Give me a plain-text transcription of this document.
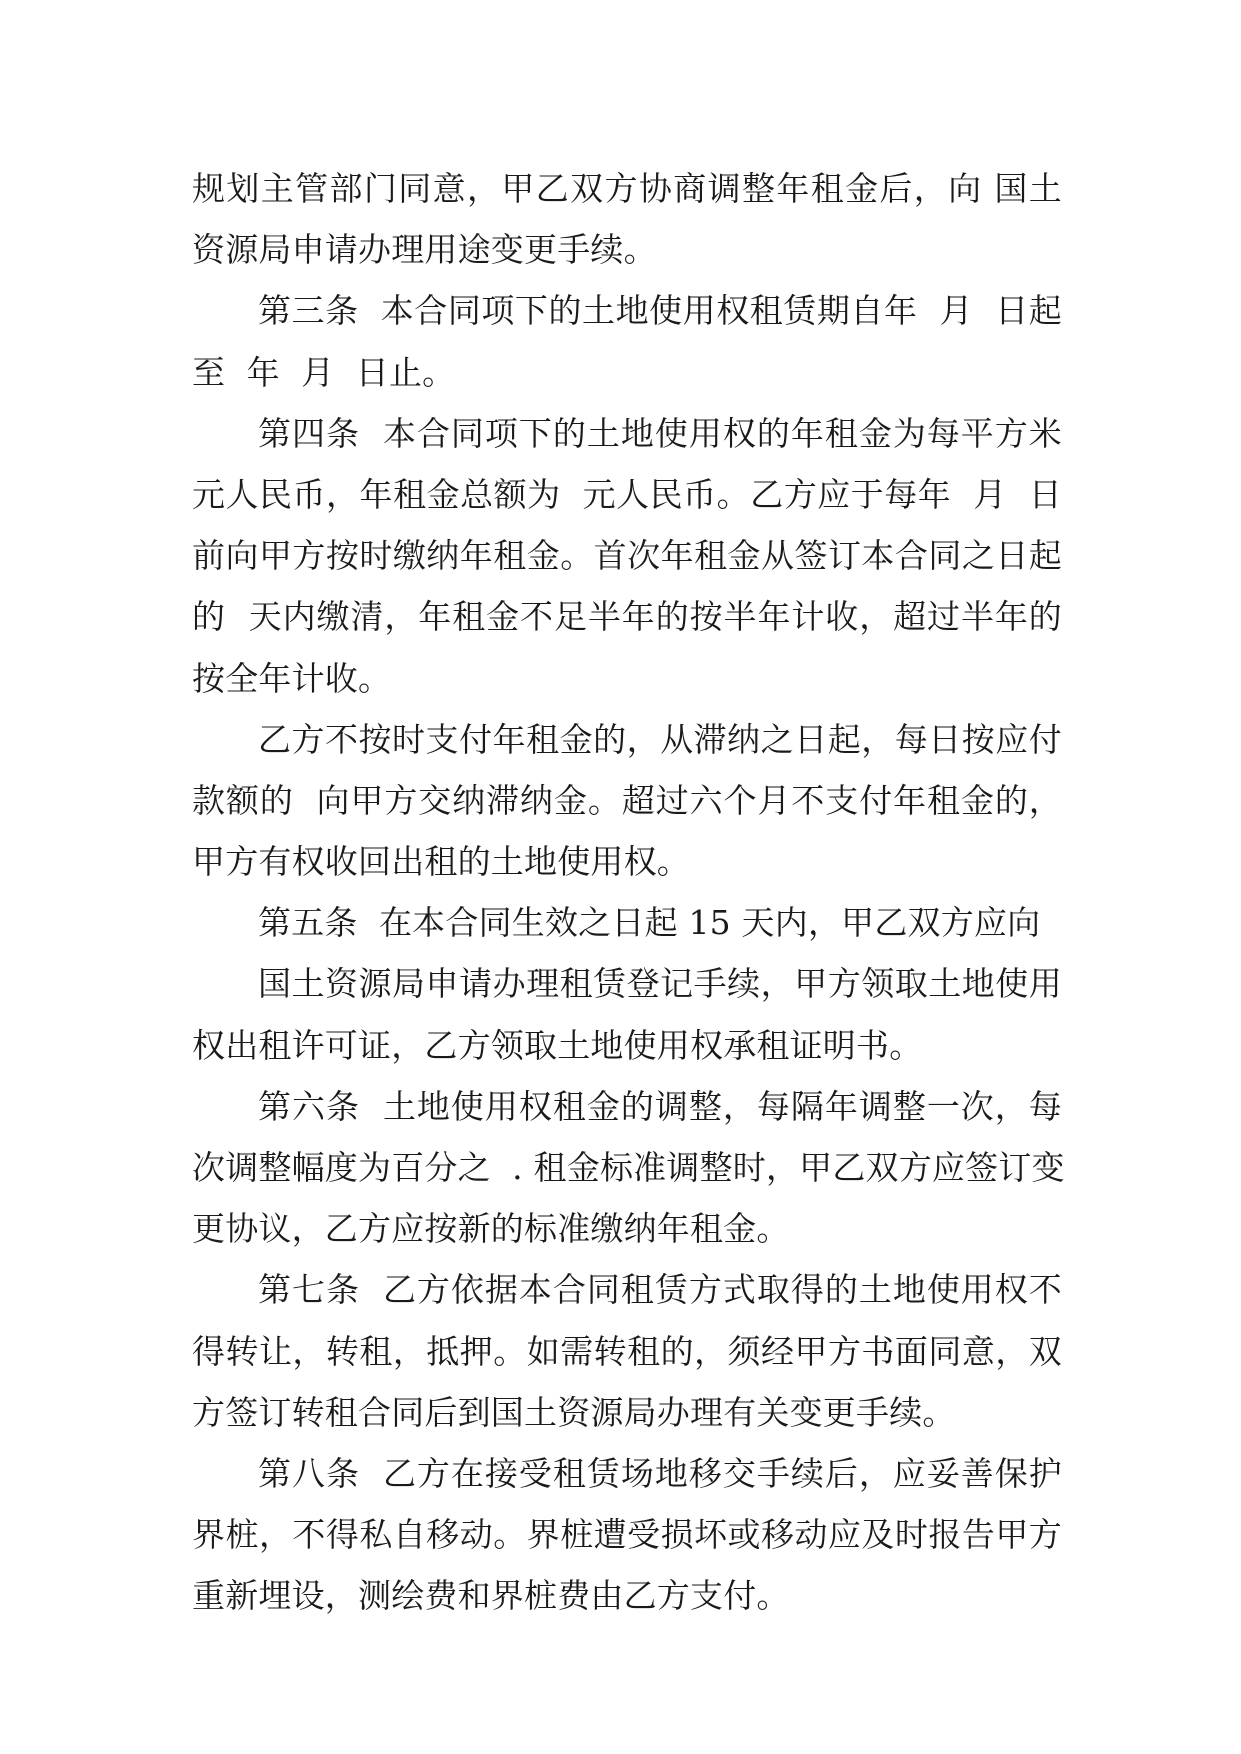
规划主管部门同意，甲乙双方协商调整年租金后，向 国土
资源局申请办理用途变更手续。
第三条  本合同项下的土地使用权租赁期自年  月  日起
至  年  月  日止。
第四条  本合同项下的土地使用权的年租金为每平方米
元人民币，年租金总额为  元人民币。乙方应于每年  月  日
前向甲方按时缴纳年租金。首次年租金从签订本合同之日起
的  天内缴清，年租金不足半年的按半年计收，超过半年的
按全年计收。
乙方不按时支付年租金的，从滞纳之日起，每日按应付
款额的  向甲方交纳滞纳金。超过六个月不支付年租金的，
甲方有权收回出租的土地使用权。
第五条  在本合同生效之日起 15 天内，甲乙双方应向
国土资源局申请办理租赁登记手续，甲方领取土地使用
权出租许可证，乙方领取土地使用权承租证明书。
第六条  土地使用权租金的调整，每隔年调整一次，每
次调整幅度为百分之  . 租金标准调整时，甲乙双方应签订变
更协议，乙方应按新的标准缴纳年租金。
第七条  乙方依据本合同租赁方式取得的土地使用权不
得转让，转租，抵押。如需转租的，须经甲方书面同意，双
方签订转租合同后到国土资源局办理有关变更手续。
第八条  乙方在接受租赁场地移交手续后，应妥善保护
界桩，不得私自移动。界桩遭受损坏或移动应及时报告甲方
重新埋设，测绘费和界桩费由乙方支付。
